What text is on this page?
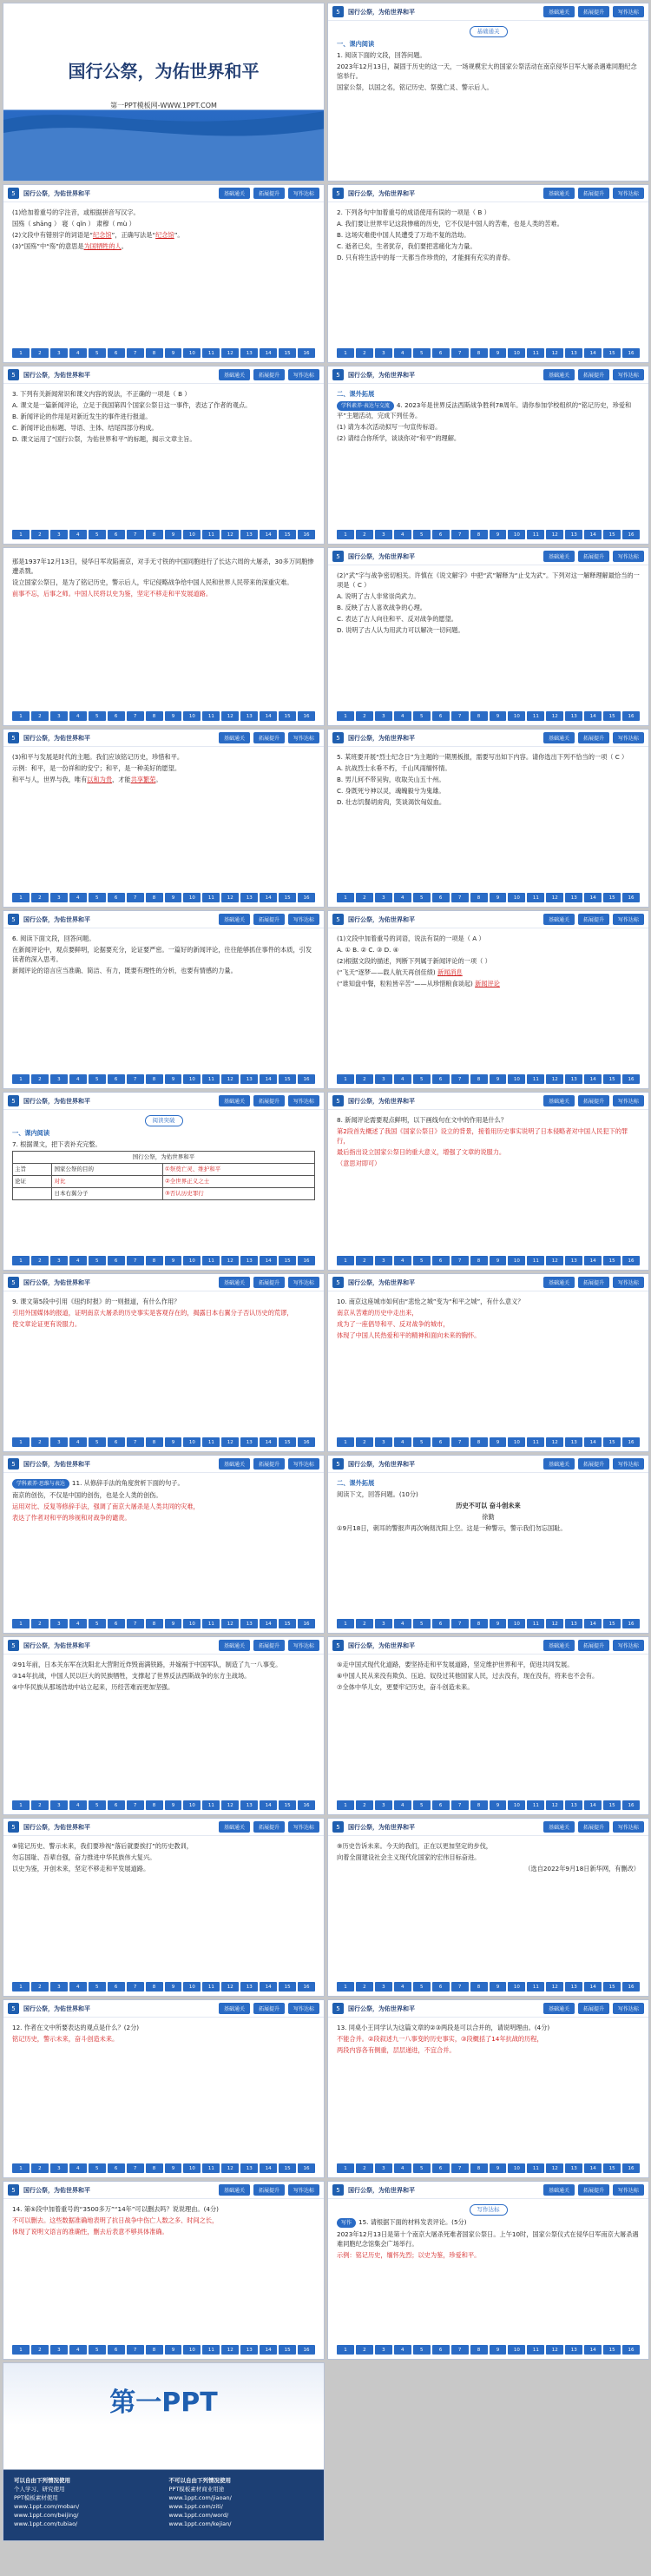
国行公祭，为佑世界和平
第一PPT模板网-WWW.1PPT.COM
5	国行公祭，为佑世界和平	基础通关	拓展提升	写作达标

基础通关

一、课内阅读

1. 阅读下面的文段，回答问题。

2023年12月13日，凝固于历史的这一天，一场规模宏大的国家公祭活动在南京侵华日军大屠杀遇难同胞纪念馆举行。

国家公祭，以国之名，铭记历史、祭奠亡灵、警示后人。

5	国行公祭，为佑世界和平	基础通关	拓展提升	写作达标

(1)给加着重号的字注音，或根据拼音写汉字。

国殇（ shāng ） 寝（ qǐn ） 肃穆（ mù ）

(2)文段中有错别字的词语是“纪念馆”，正确写法是“纪念馆”。

(3)“国殇”中“殇”的意思是为国牺牲的人。

1	2	3	4	5	6	7	8	9	10	11	12	13	14	15	16
5	国行公祭，为佑世界和平	基础通关	拓展提升	写作达标

2. 下列各句中加着重号的成语使用有误的一项是（ B ）

A. 我们要让世界牢记这段惨痛的历史，它不仅是中国人的苦难，也是人类的苦难。

B. 这场灾难使中国人民遭受了万劫不复的浩劫。

C. 逝者已矣，生者犹存，我们要把悲痛化为力量。

D. 只有将生活中的每一天都当作珍贵的，才能拥有充实的青春。

1	2	3	4	5	6	7	8	9	10	11	12	13	14	15	16
5	国行公祭，为佑世界和平	基础通关	拓展提升	写作达标

3. 下列有关新闻常识和课文内容的说法，不正确的一项是（ B ）

A. 课文是一篇新闻评论，立足于我国第四个国家公祭日这一事件，表达了作者的观点。

B. 新闻评论的作用是对新近发生的事件进行报道。

C. 新闻评论由标题、导语、主体、结尾四部分构成。

D. 课文运用了“国行公祭，为佑世界和平”的标题，揭示文章主旨。

1	2	3	4	5	6	7	8	9	10	11	12	13	14	15	16
5	国行公祭，为佑世界和平	基础通关	拓展提升	写作达标

二、课外拓展

学科素养·表达与交流 4. 2023年是世界反法西斯战争胜利78周年。请你参加学校组织的“铭记历史，珍爱和平”主题活动，完成下列任务。

(1) 请为本次活动拟写一句宣传标语。

(2) 请结合你所学，谈谈你对“和平”的理解。

1	2	3	4	5	6	7	8	9	10	11	12	13	14	15	16

那是1937年12月13日，侵华日军攻陷南京，对手无寸铁的中国同胞进行了长达六周的大屠杀，30多万同胞惨遭杀戮。

设立国家公祭日，是为了铭记历史，警示后人，牢记侵略战争给中国人民和世界人民带来的深重灾难。

前事不忘，后事之师。中国人民将以史为鉴，坚定不移走和平发展道路。

1	2	3	4	5	6	7	8	9	10	11	12	13	14	15	16
5	国行公祭，为佑世界和平	基础通关	拓展提升	写作达标

(2)“武”字与战争密切相关。许慎在《说文解字》中把“武”解释为“止戈为武”。下列对这一解释理解最恰当的一项是（ C ）

A. 说明了古人非常崇尚武力。

B. 反映了古人喜欢战争的心理。

C. 表达了古人向往和平、反对战争的愿望。

D. 说明了古人认为用武力可以解决一切问题。

1	2	3	4	5	6	7	8	9	10	11	12	13	14	15	16
5	国行公祭，为佑世界和平	基础通关	拓展提升	写作达标

(3)和平与发展是时代的主题。我们应该铭记历史，珍惜和平。

示例：和平，是一份祥和的安宁；和平，是一种美好的愿望。

和平与人，世界与我，唯有以和为贵，才能共享繁荣。

1	2	3	4	5	6	7	8	9	10	11	12	13	14	15	16
5	国行公祭，为佑世界和平	基础通关	拓展提升	写作达标

5. 某班要开展“烈士纪念日”为主题的一期黑板报，需要写出如下内容。请你选出下列不恰当的一项（ C ）

A. 抗战烈士永垂不朽，千山风雨缅怀情。

B. 男儿何不带吴钩，收取关山五十州。

C. 身既死兮神以灵，魂魄毅兮为鬼雄。

D. 壮志饥餐胡虏肉，笑谈渴饮匈奴血。

1	2	3	4	5	6	7	8	9	10	11	12	13	14	15	16
5	国行公祭，为佑世界和平	基础通关	拓展提升	写作达标

6. 阅读下面文段，回答问题。

在新闻评论中，观点要鲜明，论据要充分，论证要严密。一篇好的新闻评论，往往能够抓住事件的本质，引发读者的深入思考。

新闻评论的语言应当准确、简洁、有力，既要有理性的分析，也要有情感的力量。

1	2	3	4	5	6	7	8	9	10	11	12	13	14	15	16
5	国行公祭，为佑世界和平	基础通关	拓展提升	写作达标

(1)文段中加着重号的词语，说法有误的一项是（ A ）

A. ① B. ② C. ③ D. ④

(2)根据文段的描述，判断下列属于新闻评论的一项（ ）

(“飞天”逐梦——载人航天再创佳绩) 新闻消息

(“谁知盘中餐，粒粒皆辛苦”——从珍惜粮食谈起) 新闻评论

1	2	3	4	5	6	7	8	9	10	11	12	13	14	15	16
5	国行公祭，为佑世界和平	基础通关	拓展提升	写作达标

阅读突破

一、课内阅读

7. 根据课文，把下表补充完整。

国行公祭，为佑世界和平		
主旨	国家公祭的目的	①祭奠亡灵、维护和平
论证	对比	②全世界正义之士
	日本右翼分子	③否认历史罪行
1	2	3	4	5	6	7	8	9	10	11	12	13	14	15	16
5	国行公祭，为佑世界和平	基础通关	拓展提升	写作达标

8. 新闻评论需要观点鲜明，以下画线句在文中的作用是什么？

第2段首先概述了我国《国家公祭日》设立的背景，接着用历史事实说明了日本侵略者对中国人民犯下的罪行，

最后指出设立国家公祭日的重大意义，增强了文章的说服力。

（意思对即可）

1	2	3	4	5	6	7	8	9	10	11	12	13	14	15	16
5	国行公祭，为佑世界和平	基础通关	拓展提升	写作达标

9. 课文第5段中引用《纽约时报》的一则报道，有什么作用？

引用外国媒体的报道，证明南京大屠杀的历史事实是客观存在的，揭露日本右翼分子否认历史的荒谬，

使文章论证更有说服力。

1	2	3	4	5	6	7	8	9	10	11	12	13	14	15	16
5	国行公祭，为佑世界和平	基础通关	拓展提升	写作达标

10. 南京这座城市如何由“悲怆之城”变为“和平之城”，有什么意义？

南京从苦难的历史中走出来，

成为了一座倡导和平、反对战争的城市，

体现了中国人民热爱和平的精神和面向未来的胸怀。

1	2	3	4	5	6	7	8	9	10	11	12	13	14	15	16
5	国行公祭，为佑世界和平	基础通关	拓展提升	写作达标

学科素养·思维与表达 11. 从修辞手法的角度赏析下面的句子。

南京的创伤，不仅是中国的创伤，也是全人类的创伤。

运用对比、反复等修辞手法，强调了南京大屠杀是人类共同的灾难，

表达了作者对和平的珍视和对战争的谴责。

1	2	3	4	5	6	7	8	9	10	11	12	13	14	15	16
5	国行公祭，为佑世界和平	基础通关	拓展提升	写作达标

二、课外拓展

阅读下文，回答问题。(10分)

历史不可以 奋斗创未来

徐勤

①9月18日，刺耳的警报声再次响彻沈阳上空。这是一种警示，警示我们勿忘国耻。

1	2	3	4	5	6	7	8	9	10	11	12	13	14	15	16
5	国行公祭，为佑世界和平	基础通关	拓展提升	写作达标

②91年前，日本关东军在沈阳北大营附近炸毁南满铁路，并嫁祸于中国军队，制造了九一八事变。

③14年抗战，中国人民以巨大的民族牺牲，支撑起了世界反法西斯战争的东方主战场。

④中华民族从那场浩劫中站立起来，历经苦难而更加坚强。

1	2	3	4	5	6	7	8	9	10	11	12	13	14	15	16
5	国行公祭，为佑世界和平	基础通关	拓展提升	写作达标

⑤走中国式现代化道路，要坚持走和平发展道路，坚定维护世界和平，促进共同发展。

⑥中国人民从来没有欺负、压迫、奴役过其他国家人民，过去没有，现在没有，将来也不会有。

⑦全体中华儿女，更要牢记历史，奋斗创造未来。

1	2	3	4	5	6	7	8	9	10	11	12	13	14	15	16
5	国行公祭，为佑世界和平	基础通关	拓展提升	写作达标

⑧铭记历史、警示未来，我们要珍视“落后就要挨打”的历史教训，

勿忘国耻、吾辈自强，奋力推进中华民族伟大复兴。

以史为鉴，开创未来，坚定不移走和平发展道路。

1	2	3	4	5	6	7	8	9	10	11	12	13	14	15	16
5	国行公祭，为佑世界和平	基础通关	拓展提升	写作达标

⑨历史告诉未来。今天的我们，正在以更加坚定的步伐，

向着全面建设社会主义现代化国家的宏伟目标奋进。

（选自2022年9月18日新华网，有删改）

1	2	3	4	5	6	7	8	9	10	11	12	13	14	15	16
5	国行公祭，为佑世界和平	基础通关	拓展提升	写作达标

12. 作者在文中所要表达的观点是什么？(2分)

铭记历史，警示未来，奋斗创造未来。

1	2	3	4	5	6	7	8	9	10	11	12	13	14	15	16
5	国行公祭，为佑世界和平	基础通关	拓展提升	写作达标

13. 同桌小王同学认为这篇文章的②③两段是可以合并的，请说明理由。(4分)

不能合并。②段叙述九一八事变的历史事实，③段概括了14年抗战的历程，

两段内容各有侧重，层层递进，不宜合并。

1	2	3	4	5	6	7	8	9	10	11	12	13	14	15	16
5	国行公祭，为佑世界和平	基础通关	拓展提升	写作达标

14. 第⑤段中加着重号的“3500多万”“14年”可以删去吗？说说理由。(4分)

不可以删去。这些数据准确地表明了抗日战争中伤亡人数之多、时间之长，

体现了说明文语言的准确性，删去后表意不够具体准确。

1	2	3	4	5	6	7	8	9	10	11	12	13	14	15	16
5	国行公祭，为佑世界和平	基础通关	拓展提升	写作达标

写作达标

写作 15. 请根据下面的材料发表评论。(5分)

2023年12月13日是第十个南京大屠杀死难者国家公祭日。上午10时，国家公祭仪式在侵华日军南京大屠杀遇难同胞纪念馆集会广场举行。

示例：铭记历史，缅怀先烈；以史为鉴，珍爱和平。

1	2	3	4	5	6	7	8	9	10	11	12	13	14	15	16
第一PPT

可以自由下列情况使用

个人学习、研究使用

PPT模板素材使用

www.1ppt.com/moban/

www.1ppt.com/beijing/

www.1ppt.com/tubiao/

不可以自由下列情况使用

PPT模板素材商业用途

www.1ppt.com/jiaoan/

www.1ppt.com/ziti/

www.1ppt.com/word/

www.1ppt.com/kejian/
